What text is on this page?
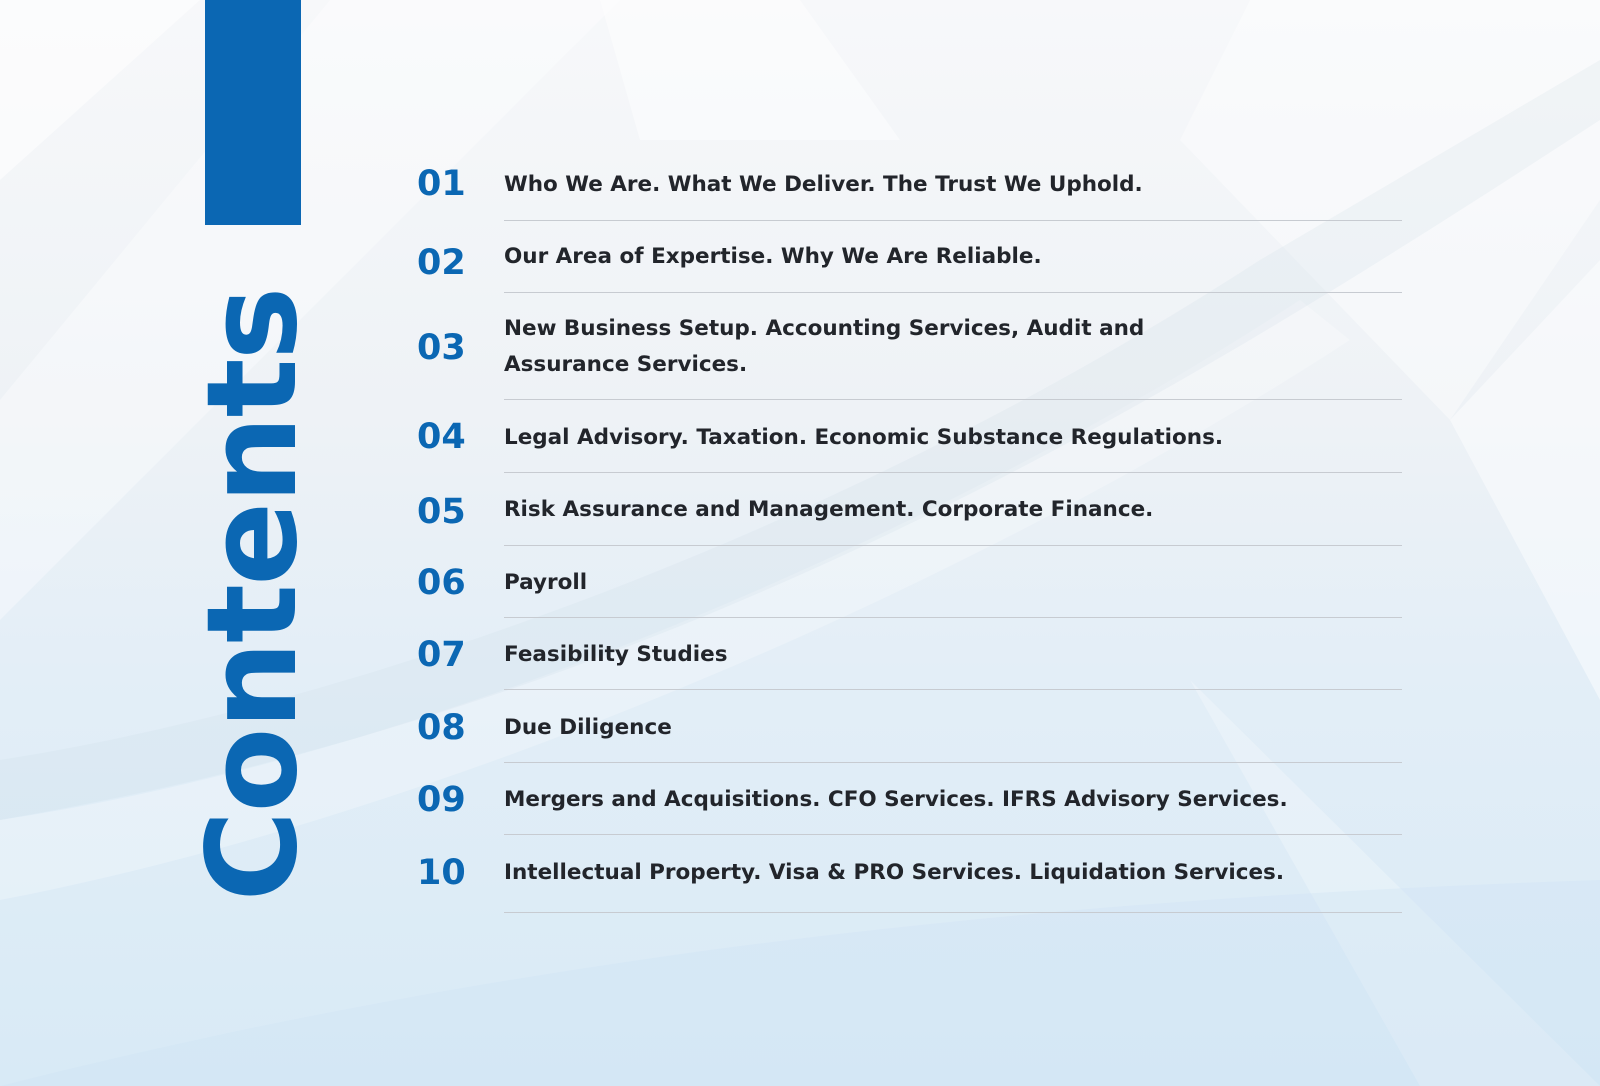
Contents
01 Who We Are. What We Deliver. The Trust We Uphold.
02 Our Area of Expertise. Why We Are Reliable.
03 New Business Setup. Accounting Services, Audit and
Assurance Services.
04 Legal Advisory. Taxation. Economic Substance Regulations.
05 Risk Assurance and Management. Corporate Finance.
06 Payroll
07 Feasibility Studies
08 Due Diligence
09 Mergers and Acquisitions. CFO Services. IFRS Advisory Services.
10 Intellectual Property. Visa & PRO Services. Liquidation Services.
